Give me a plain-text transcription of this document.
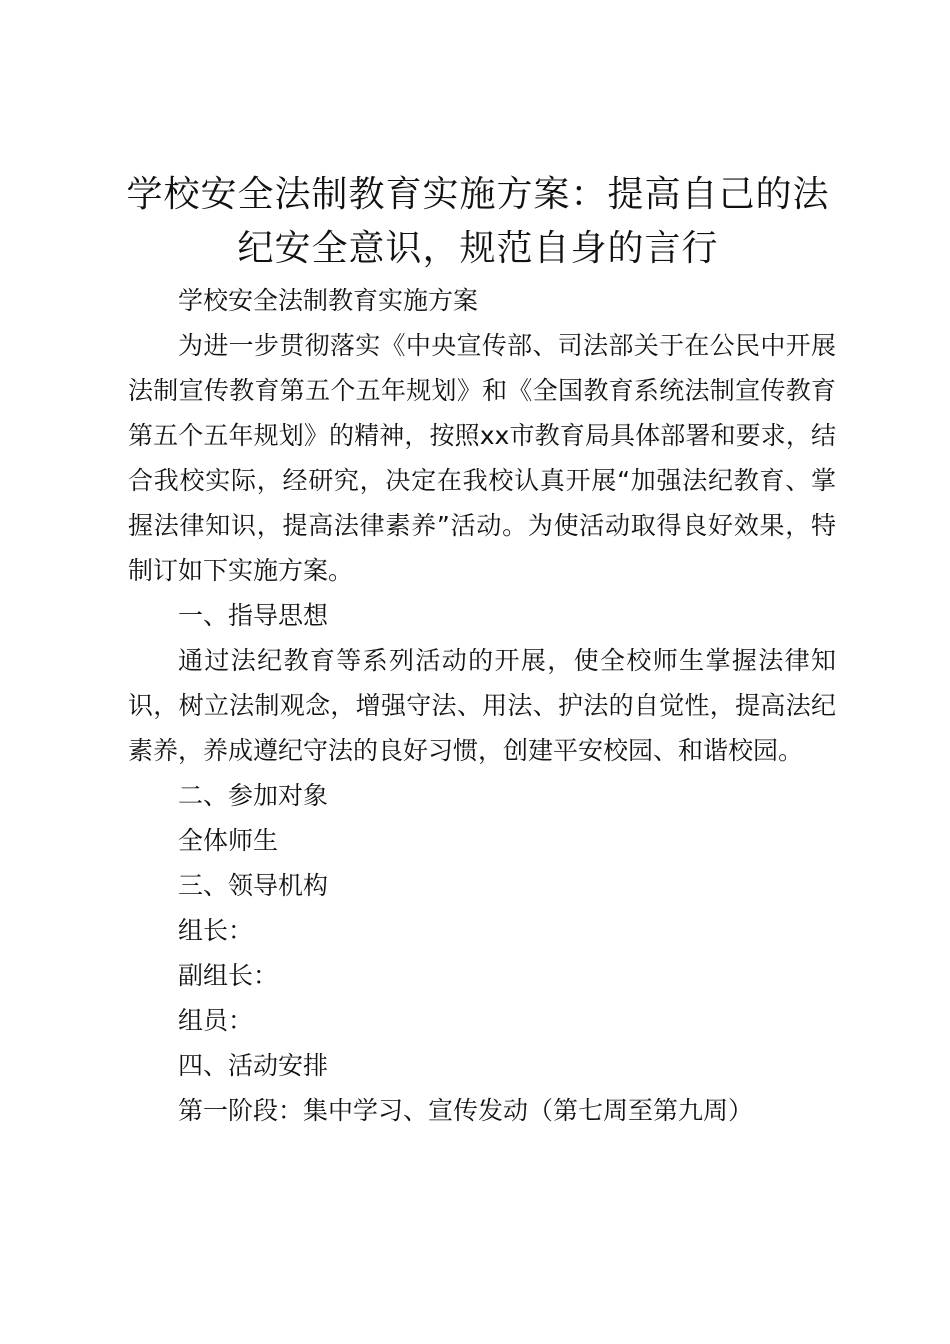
学校安全法制教育实施方案：提高自己的法纪安全意识，规范自身的言行

学校安全法制教育实施方案

为进一步贯彻落实《中央宣传部、司法部关于在公民中开展法制宣传教育第五个五年规划》和《全国教育系统法制宣传教育第五个五年规划》的精神，按照xx市教育局具体部署和要求，结合我校实际，经研究，决定在我校认真开展“加强法纪教育、掌握法律知识，提高法律素养”活动。为使活动取得良好效果，特制订如下实施方案。

一、指导思想

通过法纪教育等系列活动的开展，使全校师生掌握法律知识，树立法制观念，增强守法、用法、护法的自觉性，提高法纪素养，养成遵纪守法的良好习惯，创建平安校园、和谐校园。

二、参加对象

全体师生

三、领导机构

组长：

副组长：

组员：

四、活动安排

第一阶段：集中学习、宣传发动（第七周至第九周）
